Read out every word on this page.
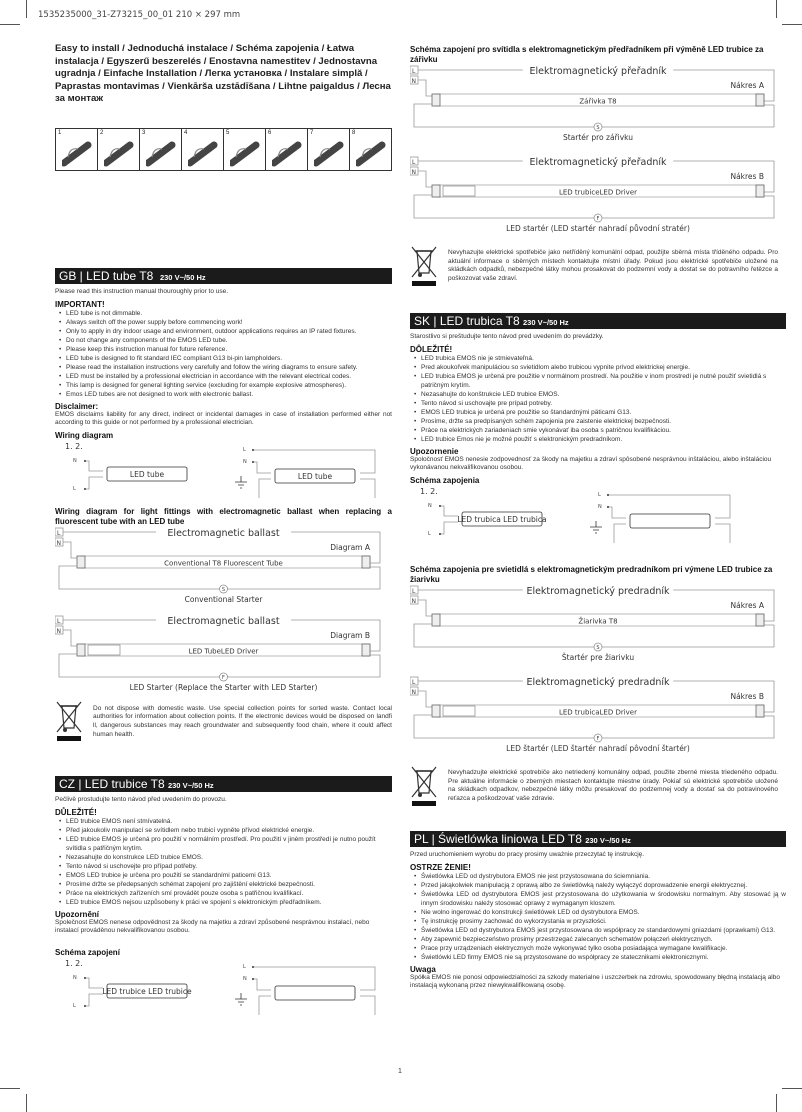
1535235000_31-Z73215_00_01 210 × 297 mm
Easy to install / Jednoduchá instalace / Schéma zapojenia / Łatwa instalacja / Egyszerű beszerelés / Enostavna namestitev / Jednostavna ugradnja / Einfache Installation / Легка установка / Instalare simplă / Paprastas montavimas / Vienkārša uzstādīšana / Lihtne paigaldus / Лесна за монтаж
1	2	3	4	5	6	7	8
GB | LED tube T8 230 V~/50 Hz
Please read this instruction manual thouroughly prior to use.
IMPORTANT!
• LED tube is not dimmable.
• Always switch off the power supply before commencing work!
• Only to apply in dry indoor usage and environment, outdoor applications requires an IP rated fixtures.
• Do not change any components of the EMOS LED tube.
• Please keep this instruction manual for future reference.
• LED tube is designed to fit standard IEC compliant G13 bi-pin lampholders.
• Please read the installation instructions very carefully and follow the wiring diagrams to ensure safety.
• LED must be installed by a professional electrician in accordance with the relevant electrical codes.
• This lamp is designed for general lighting service (excluding for example explosive atmospheres).
• Emos LED tubes are not designed to work with electronic ballast.
Disclaimer:
EMOS disclaims liability for any direct, indirect or incidental damages in case of installation performed either not according to this guide or not performed by a professional electrician.
Wiring diagram
1. 2.
N
L
LED tube
L
N
LED tube
Wiring diagram for light fittings with electromagnetic ballast when replacing a fluorescent tube with an LED tube
L
N
Electromagnetic ballast
Diagram A
Conventional T8 Fluorescent Tube
S
Conventional Starter
L
N
Electromagnetic ballast
Diagram B
LED TubeLED Driver
F
LED Starter (Replace the Starter with LED Starter)
Do not dispose with domestic waste. Use special collection points for sorted waste. Contact local authorities for information about collection points. If the electronic devices would be disposed on landfi ll, dangerous substances may reach groundwater and subsequently food chain, where it could affect human health.
CZ | LED trubice T8 230 V~/50 Hz
Pečlivě prostudujte tento návod před uvedením do provozu.
DŮLEŽITÉ!
• LED trubice EMOS není stmívatelná.
• Před jakoukoliv manipulací se svítidlem nebo trubicí vypněte přívod elektrické energie.
• LED trubice EMOS je určená pro použití v normálním prostředí. Pro použití v jiném prostředí je nutno použít svítidla s patřičným krytím.
• Nezasahujte do konstrukce LED trubice EMOS.
• Tento návod si uschovejte pro případ potřeby.
• EMOS LED trubice je určena pro použití se standardními paticemi G13.
• Prosíme držte se předepsaných schémat zapojení pro zajištění elektrické bezpečnosti.
• Práce na elektrických zařízeních smí provádět pouze osoba s patřičnou kvalifikací.
• LED trubice EMOS nejsou uzpůsobeny k práci ve spojení s elektronickým předřadníkem.
Upozornění
Společnost EMOS nenese odpovědnost za škody na majetku a zdraví způsobené nesprávnou instalací, nebo instalací prováděnou nekvalifikovanou osobou.
Schéma zapojení
1. 2.
N
L
LED trubice LED trubice
L
N
Schéma zapojení pro svítidla s elektromagnetickým předřadníkem při výměně LED trubice za zářivku
L
N
Elektromagnetický přeřadník
Nákres A
Zářivka T8
S
Startér pro zářivku
L
N
Elektromagnetický přeřadník
Nákres B
LED trubiceLED Driver
F
LED startér (LED startér nahradí původní stratér)
Nevyhazujte elektrické spotřebiče jako netříděný komunální odpad, použijte sběrná místa tříděného odpadu. Pro aktuální informace o sběrných místech kontaktujte místní úřady. Pokud jsou elektrické spotřebiče uložené na skládkách odpadků, nebezpečné látky mohou prosakovat do podzemní vody a dostat se do potravního řetězce a poškozovat vaše zdraví.
SK | LED trubica T8 230 V~/50 Hz
Starostlivo si preštudujte tento návod pred uvedením do prevádzky.
DÔLEŽITÉ!
• LED trubica EMOS nie je stmievateľná.
• Pred akoukoľvek manipuláciou so svietidlom alebo trubicou vypnite prívod elektrickej energie.
• LED trubica EMOS je určená pre použitie v normálnom prostredí. Na použitie v inom prostredí je nutné použiť svietidlá s patričným krytím.
• Nezasahujte do konštrukcie LED trubice EMOS.
• Tento návod si uschovajte pre prípad potreby.
• EMOS LED trubica je určená pre použitie so štandardnými päticami G13.
• Prosíme, držte sa predpísaných schém zapojenia pre zaistenie elektrickej bezpečnosti.
• Práce na elektrických zariadeniach smie vykonávať iba osoba s patričnou kvalifikáciou.
• LED trubice Emos nie je možné použiť s elektronickým predradníkom.
Upozornenie
Spoločnosť EMOS nenesie zodpovednosť za škody na majetku a zdraví spôsobené nesprávnou inštaláciou, alebo inštaláciou vykonávanou nekvalifikovanou osobou.
Schéma zapojenia
1. 2.
N
L
LED trubica LED trubica
L
N
Schéma zapojenia pre svietidlá s elektromagnetickým predradníkom pri výmene LED trubice za žiarivku
L
N
Elektromagnetický predradník
Nákres A
Žiarivka T8
S
Štartér pre žiarivku
L
N
Elektromagnetický predradník
Nákres B
LED trubicaLED Driver
F
LED štartér (LED štartér nahradí pôvodní štartér)
Nevyhadzujte elektrické spotrebiče ako netriedený komunálny odpad, použite zberné miesta triedeného odpadu. Pre aktuálne informácie o zberných miestach kontaktujte miestne úrady. Pokiaľ sú elektrické spotrebiče uložené na skládkach odpadkov, nebezpečné látky môžu presakovať do podzemnej vody a dostať sa do potravinového reťazca a poškodzovať vaše zdravie.
PL | Świetlówka liniowa LED T8 230 V~/50 Hz
Przed uruchomieniem wyrobu do pracy prosimy uważnie przeczytać tę instrukcję.
OSTRZE ŻENIE!
• Świetlówka LED od dystrybutora EMOS nie jest przystosowana do ściemniania.
• Przed jakąkolwiek manipulacją z oprawą albo ze świetlówką należy wyłączyć doprowadzenie energii elektrycznej.
• Świetlówka LED od dystrybutora EMOS jest przystosowana do użytkowania w środowisku normalnym. Aby stosować ją w innym środowisku należy stosować oprawy z wymaganym kloszem.
• Nie wolno ingerować do konstrukcji świetlówek LED od dystrybutora EMOS.
• Tę instrukcję prosimy zachować do wykorzystania w przyszłości.
• Świetlówka LED od dystrybutora EMOS jest przystosowana do współpracy ze standardowymi gniazdami (oprawkami) G13.
• Aby zapewnić bezpieczeństwo prosimy przestrzegać zalecanych schematów połączeń elektrycznych.
• Prace przy urządzeniach elektrycznych może wykonywać tylko osoba posiadająca wymagane kwalifikacje.
• Świetlówki LED firmy EMOS nie są przystosowane do współpracy ze statecznikami elektronicznymi.
Uwaga
Spółka EMOS nie ponosi odpowiedzialności za szkody materialne i uszczerbek na zdrowiu, spowodowany błędną instalacją albo instalacją wykonaną przez niewykwalifikowaną osobę.
1
